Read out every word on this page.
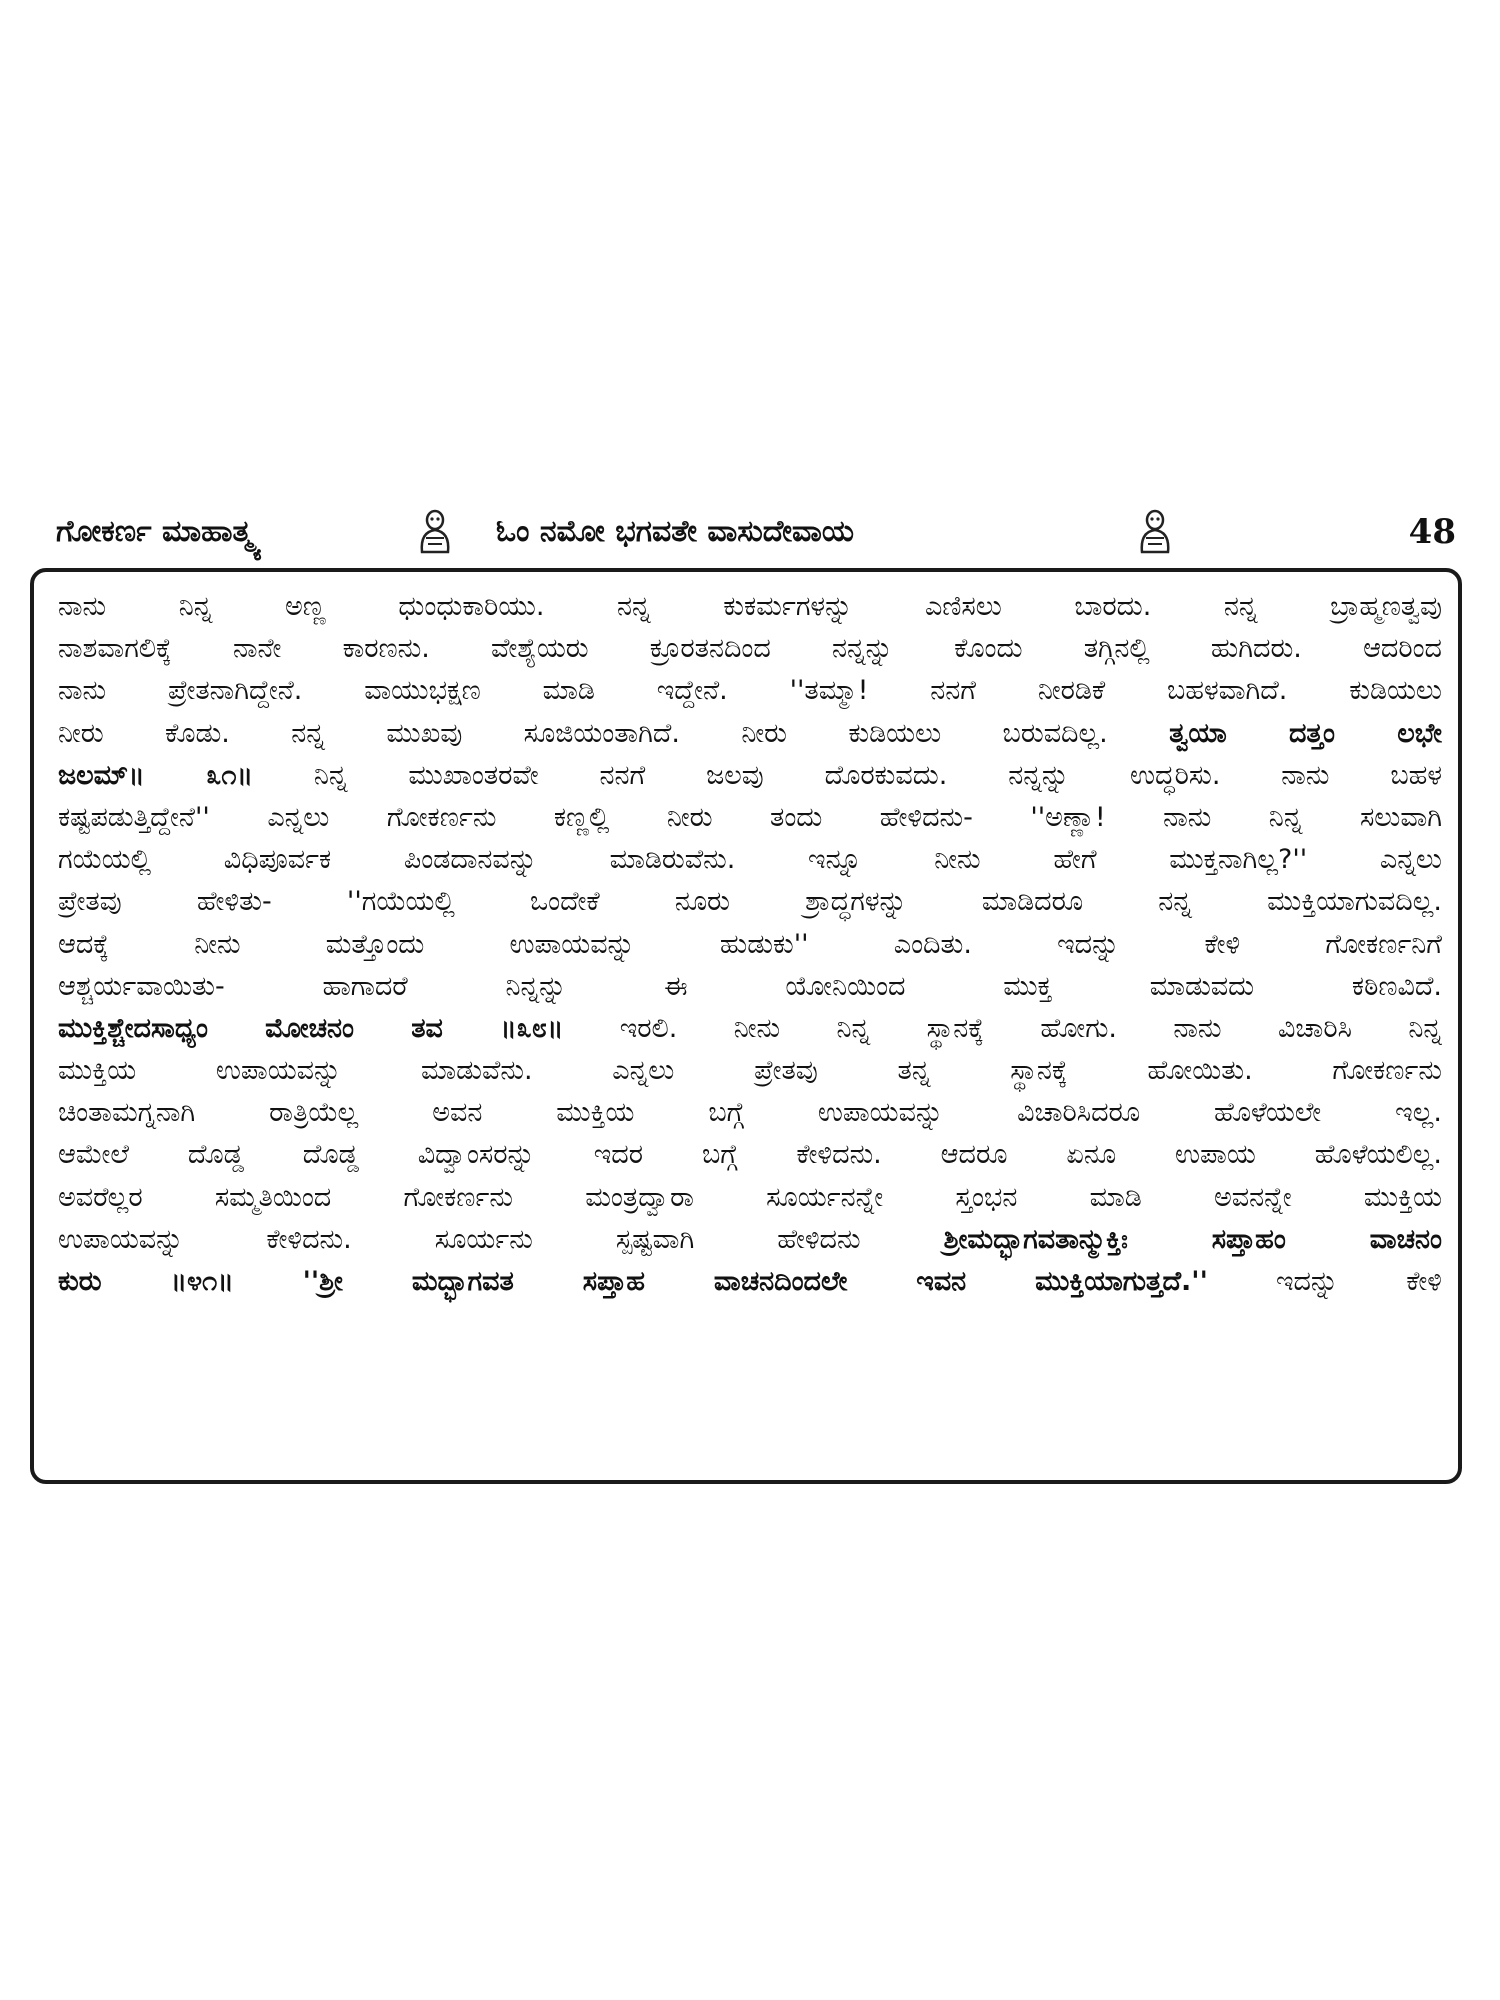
ಗೋಕರ್ಣ ಮಾಹಾತ್ಮ್ಯ	ಓಂ ನಮೋ ಭಗವತೇ ವಾಸುದೇವಾಯ	48
ನಾನು ನಿನ್ನ ಅಣ್ಣ ಧುಂಧುಕಾರಿಯು. ನನ್ನ ಕುಕರ್ಮಗಳನ್ನು ಎಣಿಸಲು ಬಾರದು. ನನ್ನ ಬ್ರಾಹ್ಮಣತ್ವವು
ನಾಶವಾಗಲಿಕ್ಕೆ ನಾನೇ ಕಾರಣನು. ವೇಶ್ಯೆಯರು ಕ್ರೂರತನದಿಂದ ನನ್ನನ್ನು ಕೊಂದು ತಗ್ಗಿನಲ್ಲಿ ಹುಗಿದರು. ಆದರಿಂದ
ನಾನು ಪ್ರೇತನಾಗಿದ್ದೇನೆ. ವಾಯುಭಕ್ಷಣ ಮಾಡಿ ಇದ್ದೇನೆ. ''ತಮ್ಮಾ! ನನಗೆ ನೀರಡಿಕೆ ಬಹಳವಾಗಿದೆ. ಕುಡಿಯಲು
ನೀರು ಕೊಡು. ನನ್ನ ಮುಖವು ಸೂಜಿಯಂತಾಗಿದೆ. ನೀರು ಕುಡಿಯಲು ಬರುವದಿಲ್ಲ. ತ್ವಯಾ ದತ್ತಂ ಲಭೇ
ಜಲಮ್॥ ೩೧॥ ನಿನ್ನ ಮುಖಾಂತರವೇ ನನಗೆ ಜಲವು ದೊರಕುವದು. ನನ್ನನ್ನು ಉದ್ಧರಿಸು. ನಾನು ಬಹಳ
ಕಷ್ಟಪಡುತ್ತಿದ್ದೇನೆ'' ಎನ್ನಲು ಗೋಕರ್ಣನು ಕಣ್ಣಲ್ಲಿ ನೀರು ತಂದು ಹೇಳಿದನು- ''ಅಣ್ಣಾ! ನಾನು ನಿನ್ನ ಸಲುವಾಗಿ
ಗಯೆಯಲ್ಲಿ ವಿಧಿಪೂರ್ವಕ ಪಿಂಡದಾನವನ್ನು ಮಾಡಿರುವೆನು. ಇನ್ನೂ ನೀನು ಹೇಗೆ ಮುಕ್ತನಾಗಿಲ್ಲ?'' ಎನ್ನಲು
ಪ್ರೇತವು ಹೇಳಿತು- ''ಗಯೆಯಲ್ಲಿ ಒಂದೇಕೆ ನೂರು ಶ್ರಾದ್ಧಗಳನ್ನು ಮಾಡಿದರೂ ನನ್ನ ಮುಕ್ತಿಯಾಗುವದಿಲ್ಲ.
ಆದಕ್ಕೆ ನೀನು ಮತ್ತೊಂದು ಉಪಾಯವನ್ನು ಹುಡುಕು'' ಎಂದಿತು. ಇದನ್ನು ಕೇಳಿ ಗೋಕರ್ಣನಿಗೆ
ಆಶ್ಚರ್ಯವಾಯಿತು- ಹಾಗಾದರೆ ನಿನ್ನನ್ನು ಈ ಯೋನಿಯಿಂದ ಮುಕ್ತ ಮಾಡುವದು ಕಠಿಣವಿದೆ.
ಮುಕ್ತಿಶ್ಚೇದಸಾಧ್ಯಂ ಮೋಚನಂ ತವ ॥೩೮॥ ಇರಲಿ. ನೀನು ನಿನ್ನ ಸ್ಥಾನಕ್ಕೆ ಹೋಗು. ನಾನು ವಿಚಾರಿಸಿ ನಿನ್ನ
ಮುಕ್ತಿಯ ಉಪಾಯವನ್ನು ಮಾಡುವೆನು. ಎನ್ನಲು ಪ್ರೇತವು ತನ್ನ ಸ್ಥಾನಕ್ಕೆ ಹೋಯಿತು. ಗೋಕರ್ಣನು
ಚಿಂತಾಮಗ್ನನಾಗಿ ರಾತ್ರಿಯೆಲ್ಲ ಅವನ ಮುಕ್ತಿಯ ಬಗ್ಗೆ ಉಪಾಯವನ್ನು ವಿಚಾರಿಸಿದರೂ ಹೊಳೆಯಲೇ ಇಲ್ಲ.
ಆಮೇಲೆ ದೊಡ್ಡ ದೊಡ್ಡ ವಿದ್ವಾಂಸರನ್ನು ಇದರ ಬಗ್ಗೆ ಕೇಳಿದನು. ಆದರೂ ಏನೂ ಉಪಾಯ ಹೊಳೆಯಲಿಲ್ಲ.
ಅವರೆಲ್ಲರ ಸಮ್ಮತಿಯಿಂದ ಗೋಕರ್ಣನು ಮಂತ್ರದ್ವಾರಾ ಸೂರ್ಯನನ್ನೇ ಸ್ತಂಭನ ಮಾಡಿ ಅವನನ್ನೇ ಮುಕ್ತಿಯ
ಉಪಾಯವನ್ನು ಕೇಳಿದನು. ಸೂರ್ಯನು ಸ್ಪಷ್ಟವಾಗಿ ಹೇಳಿದನು ಶ್ರೀಮದ್ಭಾಗವತಾನ್ಮುಕ್ತಿಃ ಸಪ್ತಾಹಂ ವಾಚನಂ
ಕುರು ॥೪೧॥ ''ಶ್ರೀ ಮದ್ಭಾಗವತ ಸಪ್ತಾಹ ವಾಚನದಿಂದಲೇ ಇವನ ಮುಕ್ತಿಯಾಗುತ್ತದೆ.'' ಇದನ್ನು ಕೇಳಿ
